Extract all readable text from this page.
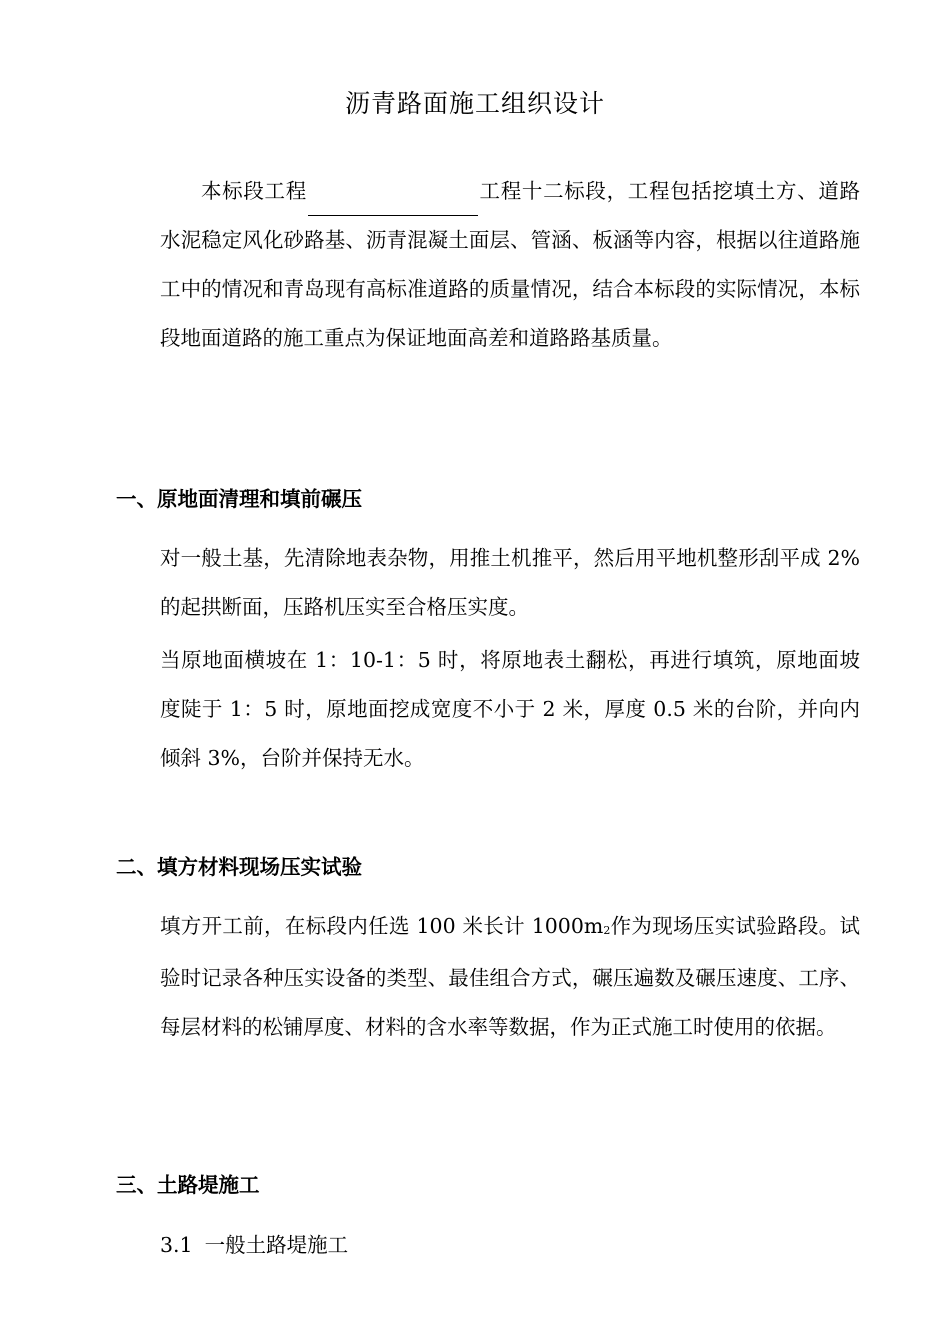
沥青路面施工组织设计

本标段工程	工程十二标段，工程包括挖填土方、道路水泥稳定风化砂路基、沥青混凝土面层、管涵、板涵等内容，根据以往道路施工中的情况和青岛现有高标准道路的质量情况，结合本标段的实际情况，本标段地面道路的施工重点为保证地面高差和道路路基质量。

一、原地面清理和填前碾压

对一般土基，先清除地表杂物，用推土机推平，然后用平地机整形刮平成 2%的起拱断面，压路机压实至合格压实度。

当原地面横坡在 1：10-1：5 时，将原地表土翻松，再进行填筑，原地面坡度陡于 1：5 时，原地面挖成宽度不小于 2 米，厚度 0.5 米的台阶，并向内倾斜 3%，台阶并保持无水。

二、填方材料现场压实试验

填方开工前，在标段内任选 100 米长计 $1000m_2$作为现场压实试验路段。试验时记录各种压实设备的类型、最佳组合方式，碾压遍数及碾压速度、工序、每层材料的松铺厚度、材料的含水率等数据，作为正式施工时使用的依据。

三、土路堤施工

3.1 一般土路堤施工
